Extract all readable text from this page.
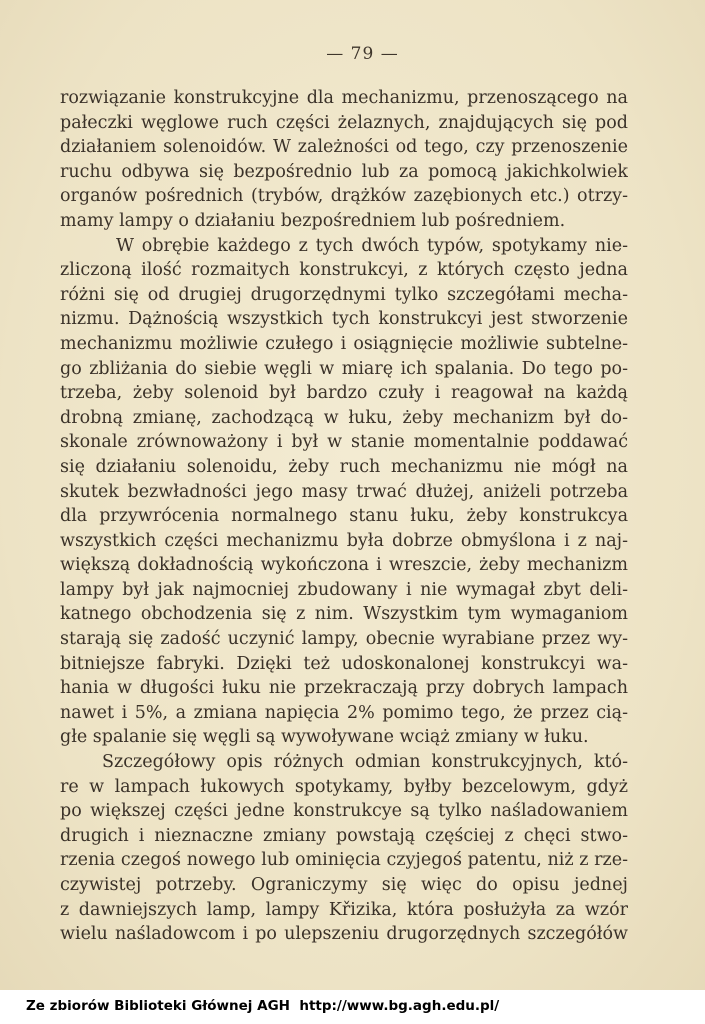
— 79 —
rozwiązanie konstrukcyjne dla mechanizmu, przenoszącego na
pałeczki węglowe ruch części żelaznych, znajdujących się pod
działaniem solenoidów. W zależności od tego, czy przenoszenie
ruchu odbywa się bezpośrednio lub za pomocą jakichkolwiek
organów pośrednich (trybów, drążków zazębionych etc.) otrzy-
mamy lampy o działaniu bezpośredniem lub pośredniem.
W obrębie każdego z tych dwóch typów, spotykamy nie-
zliczoną ilość rozmaitych konstrukcyi, z których często jedna
różni się od drugiej drugorzędnymi tylko szczegółami mecha-
nizmu. Dążnością wszystkich tych konstrukcyi jest stworzenie
mechanizmu możliwie czułego i osiągnięcie możliwie subtelne-
go zbliżania do siebie węgli w miarę ich spalania. Do tego po-
trzeba, żeby solenoid był bardzo czuły i reagował na każdą
drobną zmianę, zachodzącą w łuku, żeby mechanizm był do-
skonale zrównoważony i był w stanie momentalnie poddawać
się działaniu solenoidu, żeby ruch mechanizmu nie mógł na
skutek bezwładności jego masy trwać dłużej, aniżeli potrzeba
dla przywrócenia normalnego stanu łuku, żeby konstrukcya
wszystkich części mechanizmu była dobrze obmyślona i z naj-
większą dokładnością wykończona i wreszcie, żeby mechanizm
lampy był jak najmocniej zbudowany i nie wymagał zbyt deli-
katnego obchodzenia się z nim. Wszystkim tym wymaganiom
starają się zadość uczynić lampy, obecnie wyrabiane przez wy-
bitniejsze fabryki. Dzięki też udoskonalonej konstrukcyi wa-
hania w długości łuku nie przekraczają przy dobrych lampach
nawet i 5%, a zmiana napięcia 2% pomimo tego, że przez cią-
głe spalanie się węgli są wywoływane wciąż zmiany w łuku.
Szczegółowy opis różnych odmian konstrukcyjnych, któ-
re w lampach łukowych spotykamy, byłby bezcelowym, gdyż
po większej części jedne konstrukcye są tylko naśladowaniem
drugich i nieznaczne zmiany powstają częściej z chęci stwo-
rzenia czegoś nowego lub ominięcia czyjegoś patentu, niż z rze-
czywistej potrzeby. Ograniczymy się więc do opisu jednej
z dawniejszych lamp, lampy Křizika, która posłużyła za wzór
wielu naśladowcom i po ulepszeniu drugorzędnych szczegółów
Ze zbiorów Biblioteki Głównej AGH  http://www.bg.agh.edu.pl/
